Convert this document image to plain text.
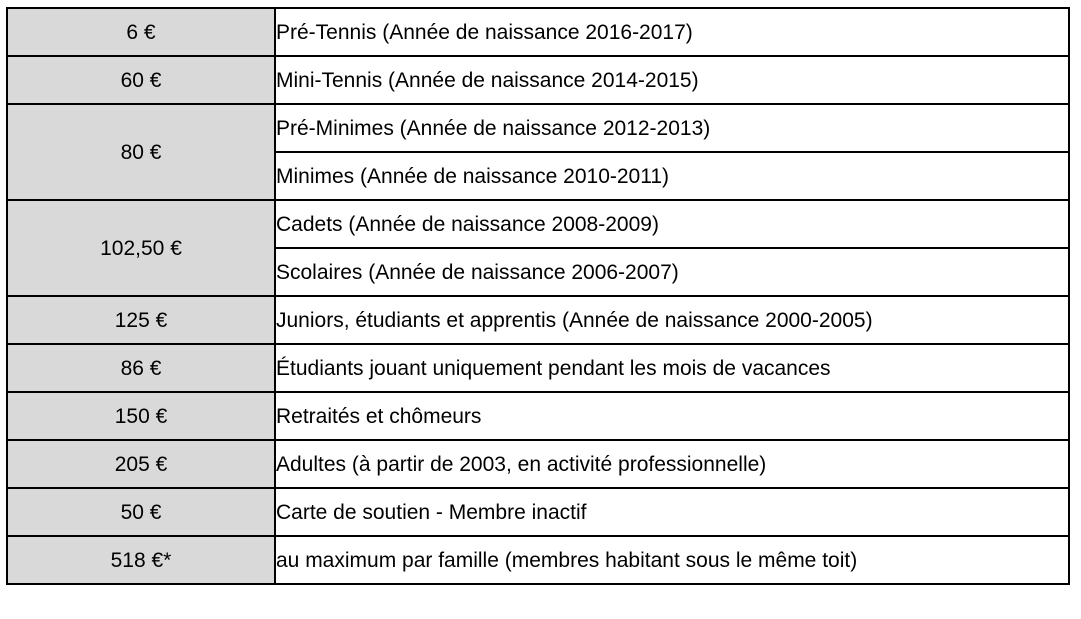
6 €	Pré-Tennis (Année de naissance 2016-2017)
60 €	Mini-Tennis (Année de naissance 2014-2015)
80 €	Pré-Minimes (Année de naissance 2012-2013)
	Minimes (Année de naissance 2010-2011)
102,50 €	Cadets (Année de naissance 2008-2009)
	Scolaires (Année de naissance 2006-2007)
125 €	Juniors, étudiants et apprentis (Année de naissance 2000-2005)
86 €	Étudiants jouant uniquement pendant les mois de vacances
150 €	Retraités et chômeurs
205 €	Adultes (à partir de 2003, en activité professionnelle)
50 €	Carte de soutien - Membre inactif
518 €*	au maximum par famille (membres habitant sous le même toit)
